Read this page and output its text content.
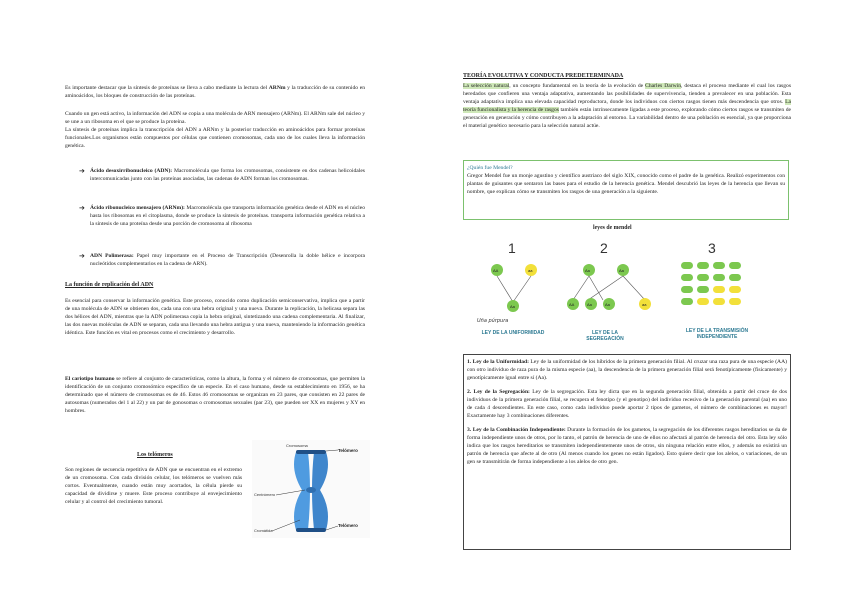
Es importante destacar que la síntesis de proteínas se lleva a cabo mediante la lectura del ARNm y la traducción de su contenido en aminoácidos, los bloques de construcción de las proteínas.

Cuando un gen está activo, la información del ADN se copia a una molécula de ARN mensajero (ARNm). El ARNm sale del núcleo y se une a un ribosoma en el que se produce la proteína.

La síntesis de proteínas implica la transcripción del ADN a ARNm y la posterior traducción en aminoácidos para formar proteínas funcionales.Los organismos están compuestos por células que contienen cromosomas, cada uno de los cuales lleva la información genética.

➔ Ácido desoxirribonucleico (ADN): Macromolécula que forma los cromosomas, consistente en dos cadenas helicoidales intercomunicadas junto con las proteínas asociadas, las cadenas de ADN forman los cromosomas.

➔ Ácido ribonucleico mensajero (ARNm): Macromolécula que transporta información genética desde el ADN en el núcleo hasta los ribosomas en el citoplasma, donde se produce la síntesis de proteínas. transporta información genética relativa a la síntesis de una proteína desde una porción de cromosoma al ribosoma

➔ ADN Polimerasa: Papel muy importante en el Proceso de Transcripción (Desenrolla la doble hélice e incorpora nucleótidos complementarios en la cadena de ARN).

La función de replicación del ADN

Es esencial para conservar la información genética. Este proceso, conocido como duplicación semiconservativa, implica que a partir de una molécula de ADN se obtienen dos, cada una con una hebra original y una nueva. Durante la replicación, la helicasa separa las dos hélices del ADN, mientras que la ADN polimerasa copia la hebra original, sintetizando una cadena complementaria. Al finalizar, las dos nuevas moléculas de ADN se separan, cada una llevando una hebra antigua y una nueva, manteniendo la información genética idéntica. Este función es vital en procesos como el crecimiento y desarrollo.

El cariotipo humano se refiere al conjunto de características, como la altura, la forma y el número de cromosomas, que permiten la identificación de un conjunto cromosómico específico de un especie. En el caso humano, desde su establecimiento en 1956, se ha determinado que el número de cromosomas es de 46. Estos 46 cromosomas se organizan en 23 pares, que consisten en 22 pares de autosomas (numerados del 1 al 22) y un par de gonosomas o cromosomas sexuales (par 23), que pueden ser XX en mujeres y XY en hombres.

Los telómeros

Son regiones de secuencia repetitiva de ADN que se encuentran en el extremo de un cromosoma. Con cada división celular, los telómeros se vuelven más cortos. Eventualmente, cuando están muy acortados, la célula pierde su capacidad de dividirse y muere. Este proceso contribuye al envejecimiento celular y al control del crecimiento tumoral.

Cromosoma
Telómero
Telómero
Centrómero
Cromátida

TEORÍA EVOLUTIVA Y CONDUCTA PREDETERMINADA

La selección natural, un concepto fundamental en la teoría de la evolución de Charles Darwin, destaca el proceso mediante el cual los rasgos heredados que confieren una ventaja adaptativa, aumentando las posibilidades de supervivencia, tienden a prevalecer en una población. Esta ventaja adaptativa implica una elevada capacidad reproductora, donde los individuos con ciertos rasgos tienen más descendencia que otros. La teoría funcionalista y la herencia de rasgos también están intrínsecamente ligadas a este proceso, explorando cómo ciertos rasgos se transmiten de generación en generación y cómo contribuyen a la adaptación al entorno. La variabilidad dentro de una población es esencial, ya que proporciona el material genético necesario para la selección natural actúe.

¿Quién fue Mendel?

Gregor Mendel fue un monje agustino y científico austriaco del siglo XIX, conocido como el padre de la genética. Realizó experimentos con plantas de guisantes que sentaron las bases para el estudio de la herencia genética. Mendel descubrió las leyes de la herencia que llevan su nombre, que explican cómo se transmiten los rasgos de una generación a la siguiente.

leyes de mendel
1	2	3
AA	aa
Aa
Aa	Aa
AA	Aa	Aa	aa
Uña púrpura
LEY DE LA UNIFORMIDAD	LEY DE LA SEGREGACIÓN
LEY DE LA TRANSMISIÓN INDEPENDIENTE

1. Ley de la Uniformidad: Ley de la uniformidad de los híbridos de la primera generación filial. Al cruzar una raza pura de una especie (AA) con otro individuo de raza pura de la misma especie (aa), la descendencia de la primera generación filial será fenotípicamente (fisicamente) y genotípicamente igual entre sí (Aa).

2. Ley de la Segregación: Ley de la segregación. Esta ley dicta que en la segunda generación filial, obtenida a partir del cruce de dos individuos de la primera generación filial, se recupera el fenotipo (y el genotipo) del individuo recesivo de la generación parental (aa) en uno de cada 4 descendientes. En este caso, como cada individuo puede aportar 2 tipos de gametos, el número de combinaciones es mayor! Exactamente hay 3 combinaciones diferentes.

3. Ley de la Combinación Independiente: Durante la formación de los gametos, la segregación de los diferentes rasgos hereditarios se da de forma independiente unos de otros, por lo tanto, el patrón de herencia de uno de ellos no afectará al patrón de herencia del otro. Esta ley sólo indica que los rasgos hereditarios se transmiten independientemente unos de otros, sin ninguna relación entre ellos, y además no existirá un patrón de herencia que afecte al de otro (Al menos cuando los genes no están ligados). Esto quiere decir que los alelos, o variaciones, de un gen se transmitirán de forma independiente a los alelos de otro gen.
